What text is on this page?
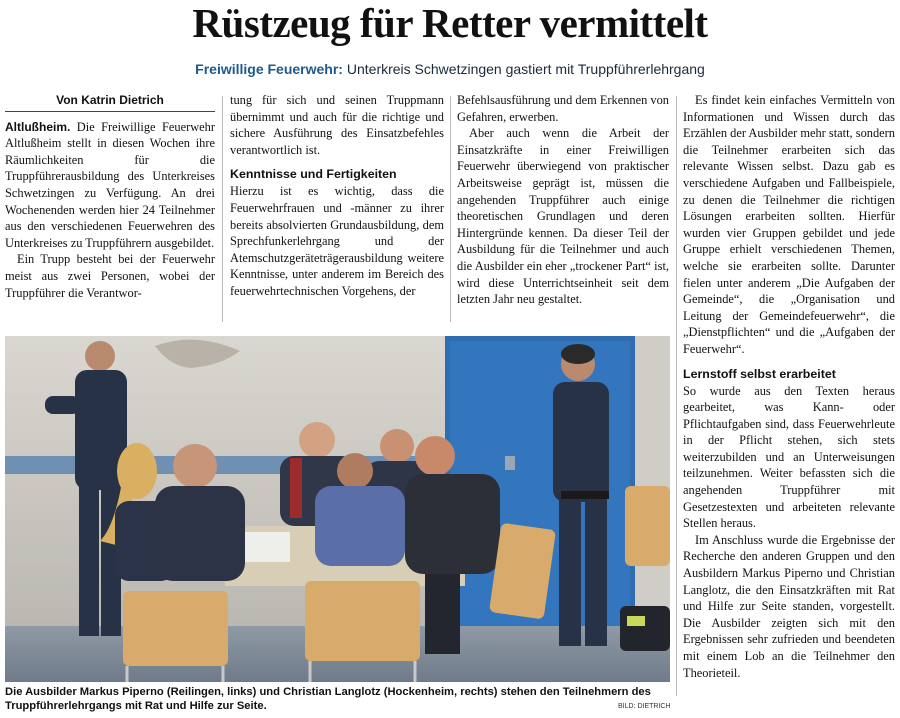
Rüstzeug für Retter vermittelt
Freiwillige Feuerwehr: Unterkreis Schwetzingen gastiert mit Truppführerlehrgang
Von Katrin Dietrich

Altlußheim. Die Freiwillige Feuerwehr Altlußheim stellt in diesen Wochen ihre Räumlichkeiten für die Truppführerausbildung des Unterkreises Schwetzingen zu Verfügung. An drei Wochenenden werden hier 24 Teilnehmer aus den verschiedenen Feuerwehren des Unterkreises zu Truppführern ausgebildet.

Ein Trupp besteht bei der Feuerwehr meist aus zwei Personen, wobei der Truppführer die Verantwor-

tung für sich und seinen Truppmann übernimmt und auch für die richtige und sichere Ausführung des Einsatzbefehles verantwortlich ist.

Kenntnisse und Fertigkeiten

Hierzu ist es wichtig, dass die Feuerwehrfrauen und -männer zu ihrer bereits absolvierten Grundausbildung, dem Sprechfunkerlehrgang und der Atemschutzgeräteträgerausbildung weitere Kenntnisse, unter anderem im Bereich des feuerwehrtechnischen Vorgehens, der

Befehlsausführung und dem Erkennen von Gefahren, erwerben.

Aber auch wenn die Arbeit der Einsatzkräfte in einer Freiwilligen Feuerwehr überwiegend von praktischer Arbeitsweise geprägt ist, müssen die angehenden Truppführer auch einige theoretischen Grundlagen und deren Hintergründe kennen. Da dieser Teil der Ausbildung für die Teilnehmer und auch die Ausbilder ein eher „trockener Part“ ist, wird diese Unterrichtseinheit seit dem letzten Jahr neu gestaltet.

Es findet kein einfaches Vermitteln von Informationen und Wissen durch das Erzählen der Ausbilder mehr statt, sondern die Teilnehmer erarbeiten sich das relevante Wissen selbst. Dazu gab es verschiedene Aufgaben und Fallbeispiele, zu denen die Teilnehmer die richtigen Lösungen erarbeiten sollten. Hierfür wurden vier Gruppen gebildet und jede Gruppe erhielt verschiedenen Themen, welche sie erarbeiten sollte. Darunter fielen unter anderem „Die Aufgaben der Gemeinde“, die „Organisation und Leitung der Gemeindefeuerwehr“, die „Dienstpflichten“ und die „Aufgaben der Feuerwehr“.

Lernstoff selbst erarbeitet

So wurde aus den Texten heraus gearbeitet, was Kann- oder Pflichtaufgaben sind, dass Feuerwehrleute in der Pflicht stehen, sich stets weiterzubilden und an Unterweisungen teilzunehmen. Weiter befassten sich die angehenden Truppführer mit Gesetzestexten und arbeiteten relevante Stellen heraus.

Im Anschluss wurde die Ergebnisse der Recherche den anderen Gruppen und den Ausbildern Markus Piperno und Christian Langlotz, die den Einsatzkräften mit Rat und Hilfe zur Seite standen, vorgestellt. Die Ausbilder zeigten sich mit den Ergebnissen sehr zufrieden und beendeten mit einem Lob an die Teilnehmer den Theorieteil.

Die Ausbilder Markus Piperno (Reilingen, links) und Christian Langlotz (Hockenheim, rechts) stehen den Teilnehmern des Truppführerlehrgangs mit Rat und Hilfe zur Seite.	BILD: DIETRICH
